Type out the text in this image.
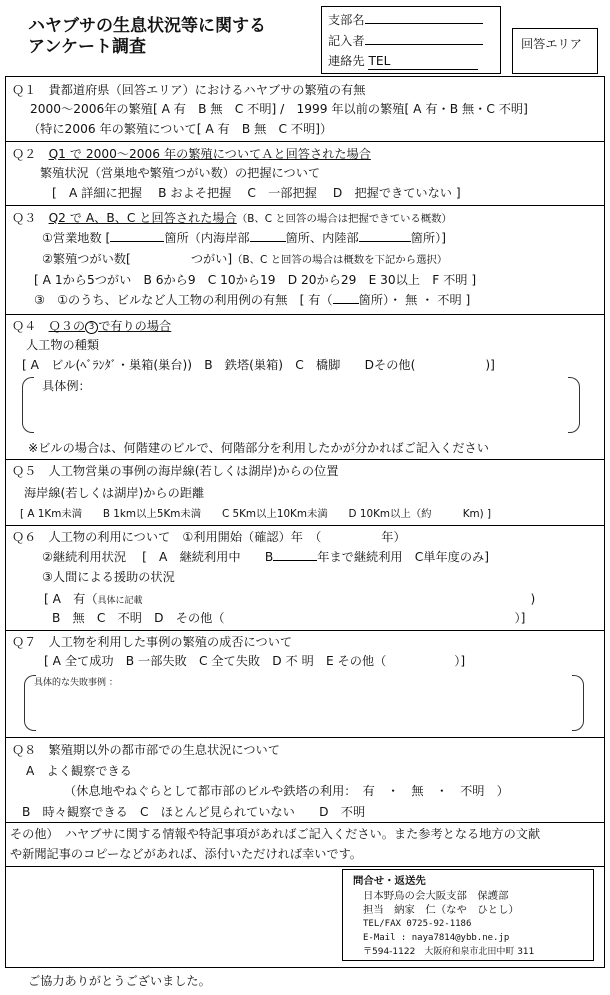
ハヤブサの生息状況等に関する
アンケート調査
支部名
記入者
連絡先 TEL
回答エリア
Ｑ１　貴都道府県（回答エリア）におけるハヤブサの繁殖の有無
2000～2006年の繁殖[ A 有　B 無　C 不明] /　1999 年以前の繁殖[ A 有・B 無・C 不明]
（特に2006 年の繁殖について[ A 有　B 無　C 不明]）
Ｑ２　Q1 で 2000～2006 年の繁殖についてＡと回答された場合
繁殖状況（営巣地や繁殖つがい数）の把握について
[　A 詳細に把握　 B およそ把握　 C　一部把握　 D　把握できていない ]
Ｑ３　Q2 で A、B、C と回答された場合（B、C と回答の場合は把握できている概数）
①営業地数 [	箇所（内海岸部	箇所、内陸部	箇所）]
②繁殖つがい数[	つがい]（B、C と回答の場合は概数を下記から選択）
[ A 1から5つがい　B 6から9　C 10から19　D 20から29　E 30以上　F 不明 ]
③　①のうち、ビルなど人工物の利用例の有無　[ 有（ 箇所）・ 無 ・ 不明 ]
Ｑ４　Ｑ３の 3 で有りの場合
人工物の種類
[ A　ビル(ﾍﾞﾗﾝﾀﾞ・巣箱(巣台))　B　鉄塔(巣箱)　C　橋脚　　Dその他(	)]
具体例：
※ビルの場合は、何階建のビルで、何階部分を利用したかが分かればご記入ください
Ｑ５　人工物営巣の事例の海岸線(若しくは湖岸)からの位置
海岸線(若しくは湖岸)からの距離
[ A 1Km未満　　B 1km以上5Km未満　　C 5Km以上10Km未満　　D 10Km以上（約　　　Km) ]
Ｑ６　人工物の利用について　①利用開始（確認）年　（	年）
②継続利用状況　 [　A　継続利用中　　B	年まで継続利用　C単年度のみ]
③人間による援助の状況
[ A　有（具体に記載	)
B　無　C　不明　D　その他（	）]
Ｑ７　人工物を利用した事例の繁殖の成否について
[ A 全て成功　B 一部失敗　C 全て失敗　D 不 明　E その他（	）]
具体的な失敗事例 ：
Ｑ８　繁殖期以外の都市部での生息状況について
A　よく観察できる
（休息地やねぐらとして都市部のビルや鉄塔の利用：　有　・　無　・　不明　）
B　時々観察できる　C　ほとんど見られていない　　D　不明
その他）　ハヤブサに関する情報や特記事項があればご記入ください。また参考となる地方の文献
や新聞記事のコピーなどがあれば、添付いただければ幸いです。
問合せ・返送先
日本野鳥の会大阪支部　保護部
担当　納家　仁（なや　ひとし）
TEL/FAX 0725-92-1186
E-Mail : naya7814@ybb.ne.jp
〒594-1122　大阪府和泉市北田中町 311
ご協力ありがとうございました。
